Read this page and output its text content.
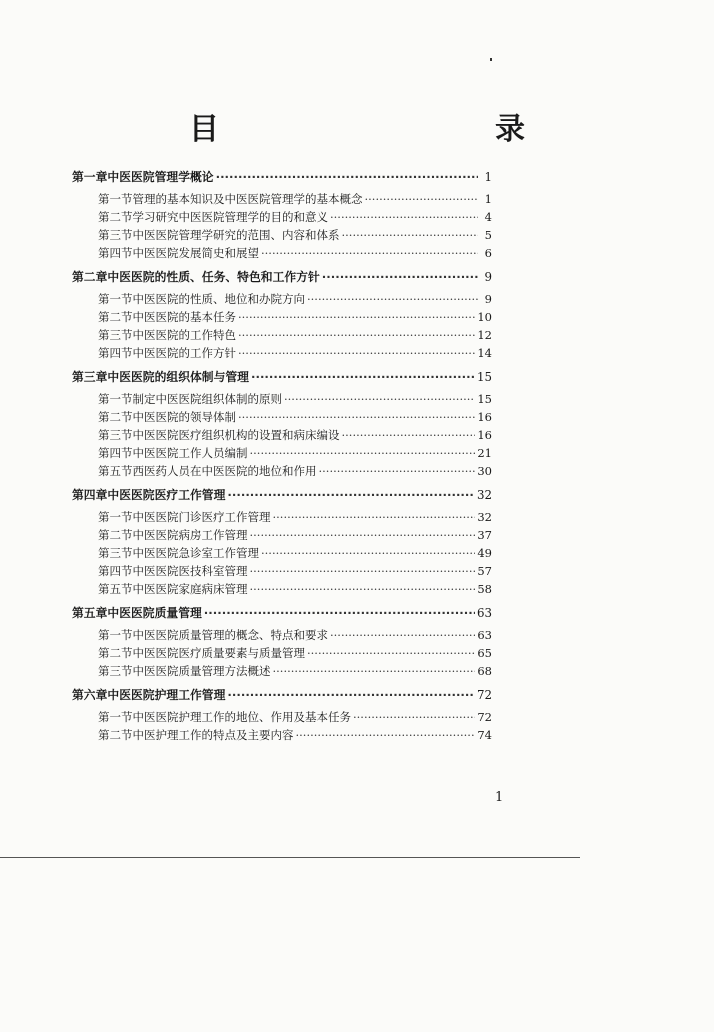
目　　录
第一章 中医医院管理学概论 ·····	1
第一节 管理的基本知识及中医医院管理学的基本概念 ·····	1
第二节 学习研究中医医院管理学的目的和意义 ·····	4
第三节 中医医院管理学研究的范围、内容和体系 ·····	5
第四节 中医医院发展简史和展望 ·····	6
第二章 中医医院的性质、任务、特色和工作方针 ·····	9
第一节 中医医院的性质、地位和办院方向 ·····	9
第二节 中医医院的基本任务 ·····	10
第三节 中医医院的工作特色 ·····	12
第四节 中医医院的工作方针 ·····	14
第三章 中医医院的组织体制与管理 ·····	15
第一节 制定中医医院组织体制的原则 ·····	15
第二节 中医医院的领导体制 ·····	16
第三节 中医医院医疗组织机构的设置和病床编设 ·····	16
第四节 中医医院工作人员编制 ·····	21
第五节 西医药人员在中医医院的地位和作用 ·····	30
第四章 中医医院医疗工作管理 ·····	32
第一节 中医医院门诊医疗工作管理 ·····	32
第二节 中医医院病房工作管理 ·····	37
第三节 中医医院急诊室工作管理 ·····	49
第四节 中医医院医技科室管理 ·····	57
第五节 中医医院家庭病床管理 ·····	58
第五章 中医医院质量管理 ·····	63
第一节 中医医院质量管理的概念、特点和要求 ·····	63
第二节 中医医院医疗质量要素与质量管理 ·····	65
第三节 中医医院质量管理方法概述 ·····	68
第六章 中医医院护理工作管理 ·····	72
第一节 中医医院护理工作的地位、作用及基本任务 ·····	72
第二节 中医护理工作的特点及主要内容 ·····	74
1
